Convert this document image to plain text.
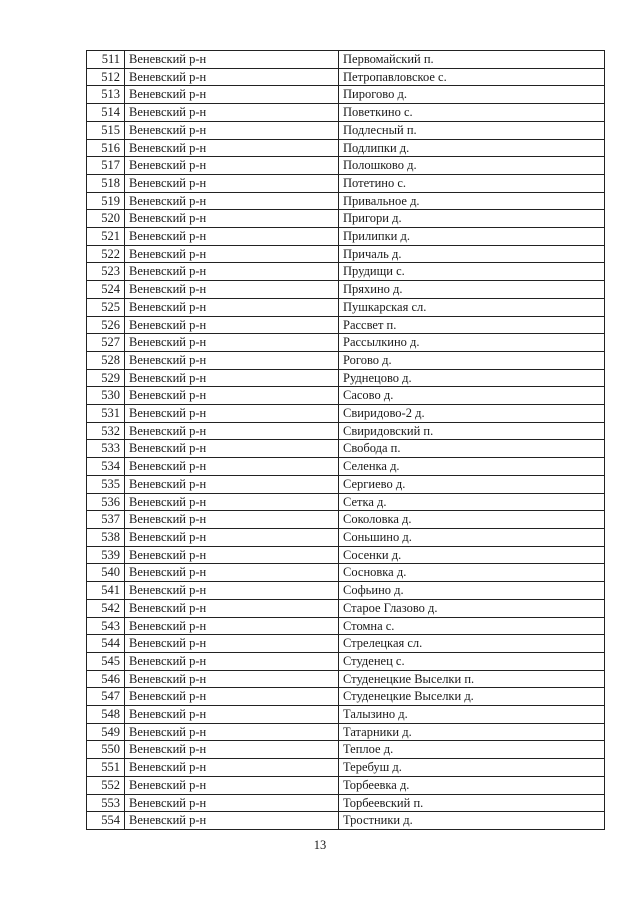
511	Веневский р-н	Первомайский п.
512	Веневский р-н	Петропавловское с.
513	Веневский р-н	Пирогово д.
514	Веневский р-н	Поветкино с.
515	Веневский р-н	Подлесный п.
516	Веневский р-н	Подлипки д.
517	Веневский р-н	Полошково д.
518	Веневский р-н	Потетино с.
519	Веневский р-н	Привальное д.
520	Веневский р-н	Пригори д.
521	Веневский р-н	Прилипки д.
522	Веневский р-н	Причаль д.
523	Веневский р-н	Прудищи с.
524	Веневский р-н	Пряхино д.
525	Веневский р-н	Пушкарская сл.
526	Веневский р-н	Рассвет п.
527	Веневский р-н	Рассылкино д.
528	Веневский р-н	Рогово д.
529	Веневский р-н	Руднецово д.
530	Веневский р-н	Сасово д.
531	Веневский р-н	Свиридово-2 д.
532	Веневский р-н	Свиридовский п.
533	Веневский р-н	Свобода п.
534	Веневский р-н	Селенка д.
535	Веневский р-н	Сергиево д.
536	Веневский р-н	Сетка д.
537	Веневский р-н	Соколовка д.
538	Веневский р-н	Соньшино д.
539	Веневский р-н	Сосенки д.
540	Веневский р-н	Сосновка д.
541	Веневский р-н	Софьино д.
542	Веневский р-н	Старое Глазово д.
543	Веневский р-н	Стомна с.
544	Веневский р-н	Стрелецкая сл.
545	Веневский р-н	Студенец с.
546	Веневский р-н	Студенецкие Выселки п.
547	Веневский р-н	Студенецкие Выселки д.
548	Веневский р-н	Талызино д.
549	Веневский р-н	Татарники д.
550	Веневский р-н	Теплое д.
551	Веневский р-н	Теребуш д.
552	Веневский р-н	Торбеевка д.
553	Веневский р-н	Торбеевский п.
554	Веневский р-н	Тростники д.
13
